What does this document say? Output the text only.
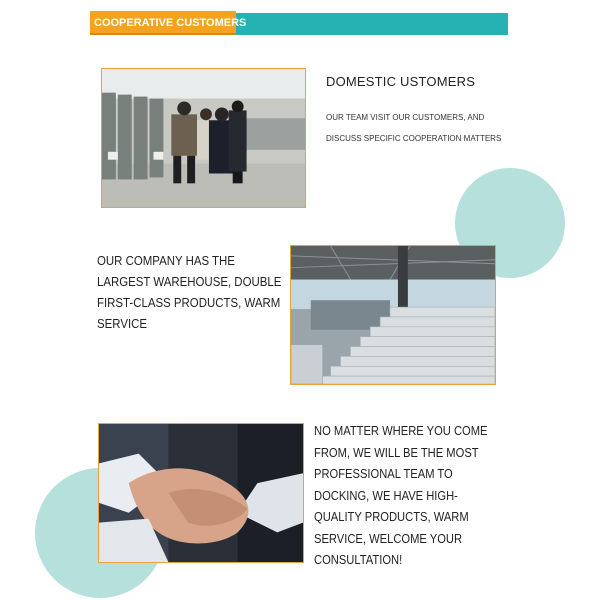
COOPERATIVE CUSTOMERS
DOMESTIC USTOMERS
OUR TEAM VISIT OUR CUSTOMERS, AND DISCUSS SPECIFIC COOPERATION MATTERS
OUR COMPANY HAS THE LARGEST WAREHOUSE, DOUBLE FIRST-CLASS PRODUCTS, WARM SERVICE
NO MATTER WHERE YOU COME FROM, WE WILL BE THE MOST PROFESSIONAL TEAM TO DOCKING, WE HAVE HIGH-QUALITY PRODUCTS, WARM SERVICE, WELCOME YOUR CONSULTATION!
